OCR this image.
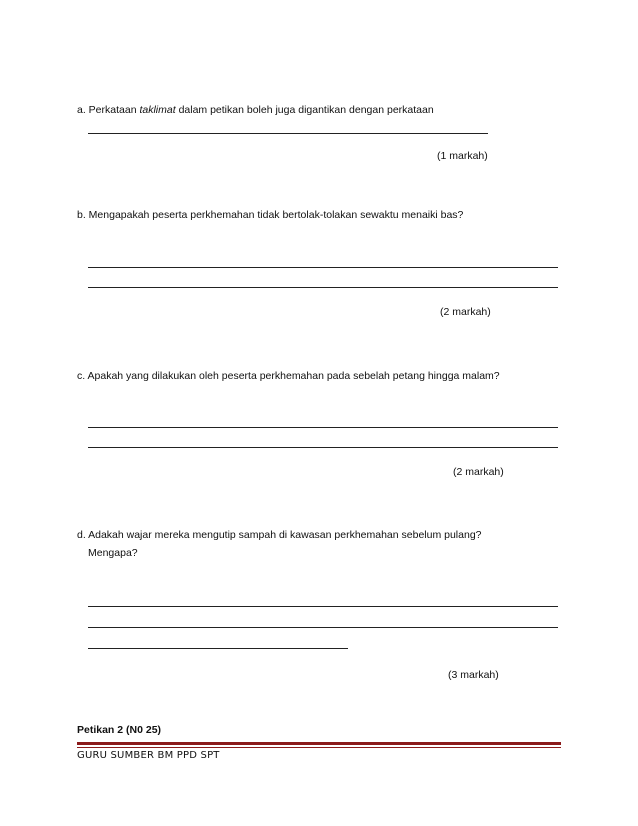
a. Perkataan taklimat dalam petikan boleh juga digantikan dengan perkataan
(1 markah)
b. Mengapakah peserta perkhemahan tidak bertolak-tolakan sewaktu menaiki bas?
(2 markah)
c. Apakah yang dilakukan oleh peserta perkhemahan pada sebelah petang hingga malam?
(2 markah)
d. Adakah wajar mereka mengutip sampah di kawasan perkhemahan sebelum pulang?
Mengapa?
(3 markah)
Petikan 2 (N0 25)
GURU SUMBER BM PPD SPT
